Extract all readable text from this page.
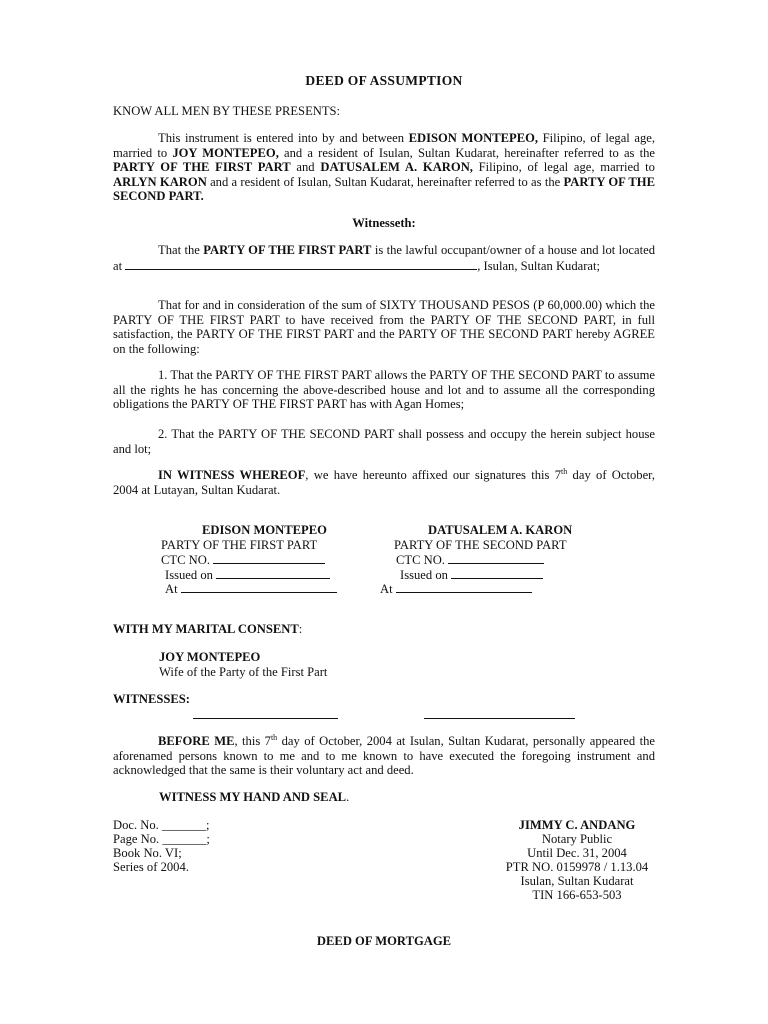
DEED OF ASSUMPTION
KNOW ALL MEN BY THESE PRESENTS:
This instrument is entered into by and between EDISON MONTEPEO, Filipino, of legal age, married to JOY MONTEPEO, and a resident of Isulan, Sultan Kudarat, hereinafter referred to as the PARTY OF THE FIRST PART and DATUSALEM A. KARON, Filipino, of legal age, married to ARLYN KARON and a resident of Isulan, Sultan Kudarat, hereinafter referred to as the PARTY OF THE SECOND PART.
Witnesseth:
That the PARTY OF THE FIRST PART is the lawful occupant/owner of a house and lot located at	, Isulan, Sultan Kudarat;
That for and in consideration of the sum of SIXTY THOUSAND PESOS (P 60,000.00) which the PARTY OF THE FIRST PART to have received from the PARTY OF THE SECOND PART, in full satisfaction, the PARTY OF THE FIRST PART and the PARTY OF THE SECOND PART hereby AGREE on the following:
1. That the PARTY OF THE FIRST PART allows the PARTY OF THE SECOND PART to assume all the rights he has concerning the above-described house and lot and to assume all the corresponding obligations the PARTY OF THE FIRST PART has with Agan Homes;
2. That the PARTY OF THE SECOND PART shall possess and occupy the herein subject house and lot;
IN WITNESS WHEREOF, we have hereunto affixed our signatures this 7th day of October, 2004 at Lutayan, Sultan Kudarat.
EDISON MONTEPEO
PARTY OF THE FIRST PART
CTC NO.
Issued on
At
DATUSALEM A. KARON
PARTY OF THE SECOND PART
CTC NO.
Issued on
At
WITH MY MARITAL CONSENT:
JOY MONTEPEO
Wife of the Party of the First Part
WITNESSES:
BEFORE ME, this 7th day of October, 2004 at Isulan, Sultan Kudarat, personally appeared the aforenamed persons known to me and to me known to have executed the foregoing instrument and acknowledged that the same is their voluntary act and deed.
WITNESS MY HAND AND SEAL.
Doc. No. _______;
Page No. _______;
Book No. VI;
Series of 2004.
JIMMY C. ANDANG
Notary Public
Until Dec. 31, 2004
PTR NO. 0159978 / 1.13.04
Isulan, Sultan Kudarat
TIN 166-653-503
DEED OF MORTGAGE
